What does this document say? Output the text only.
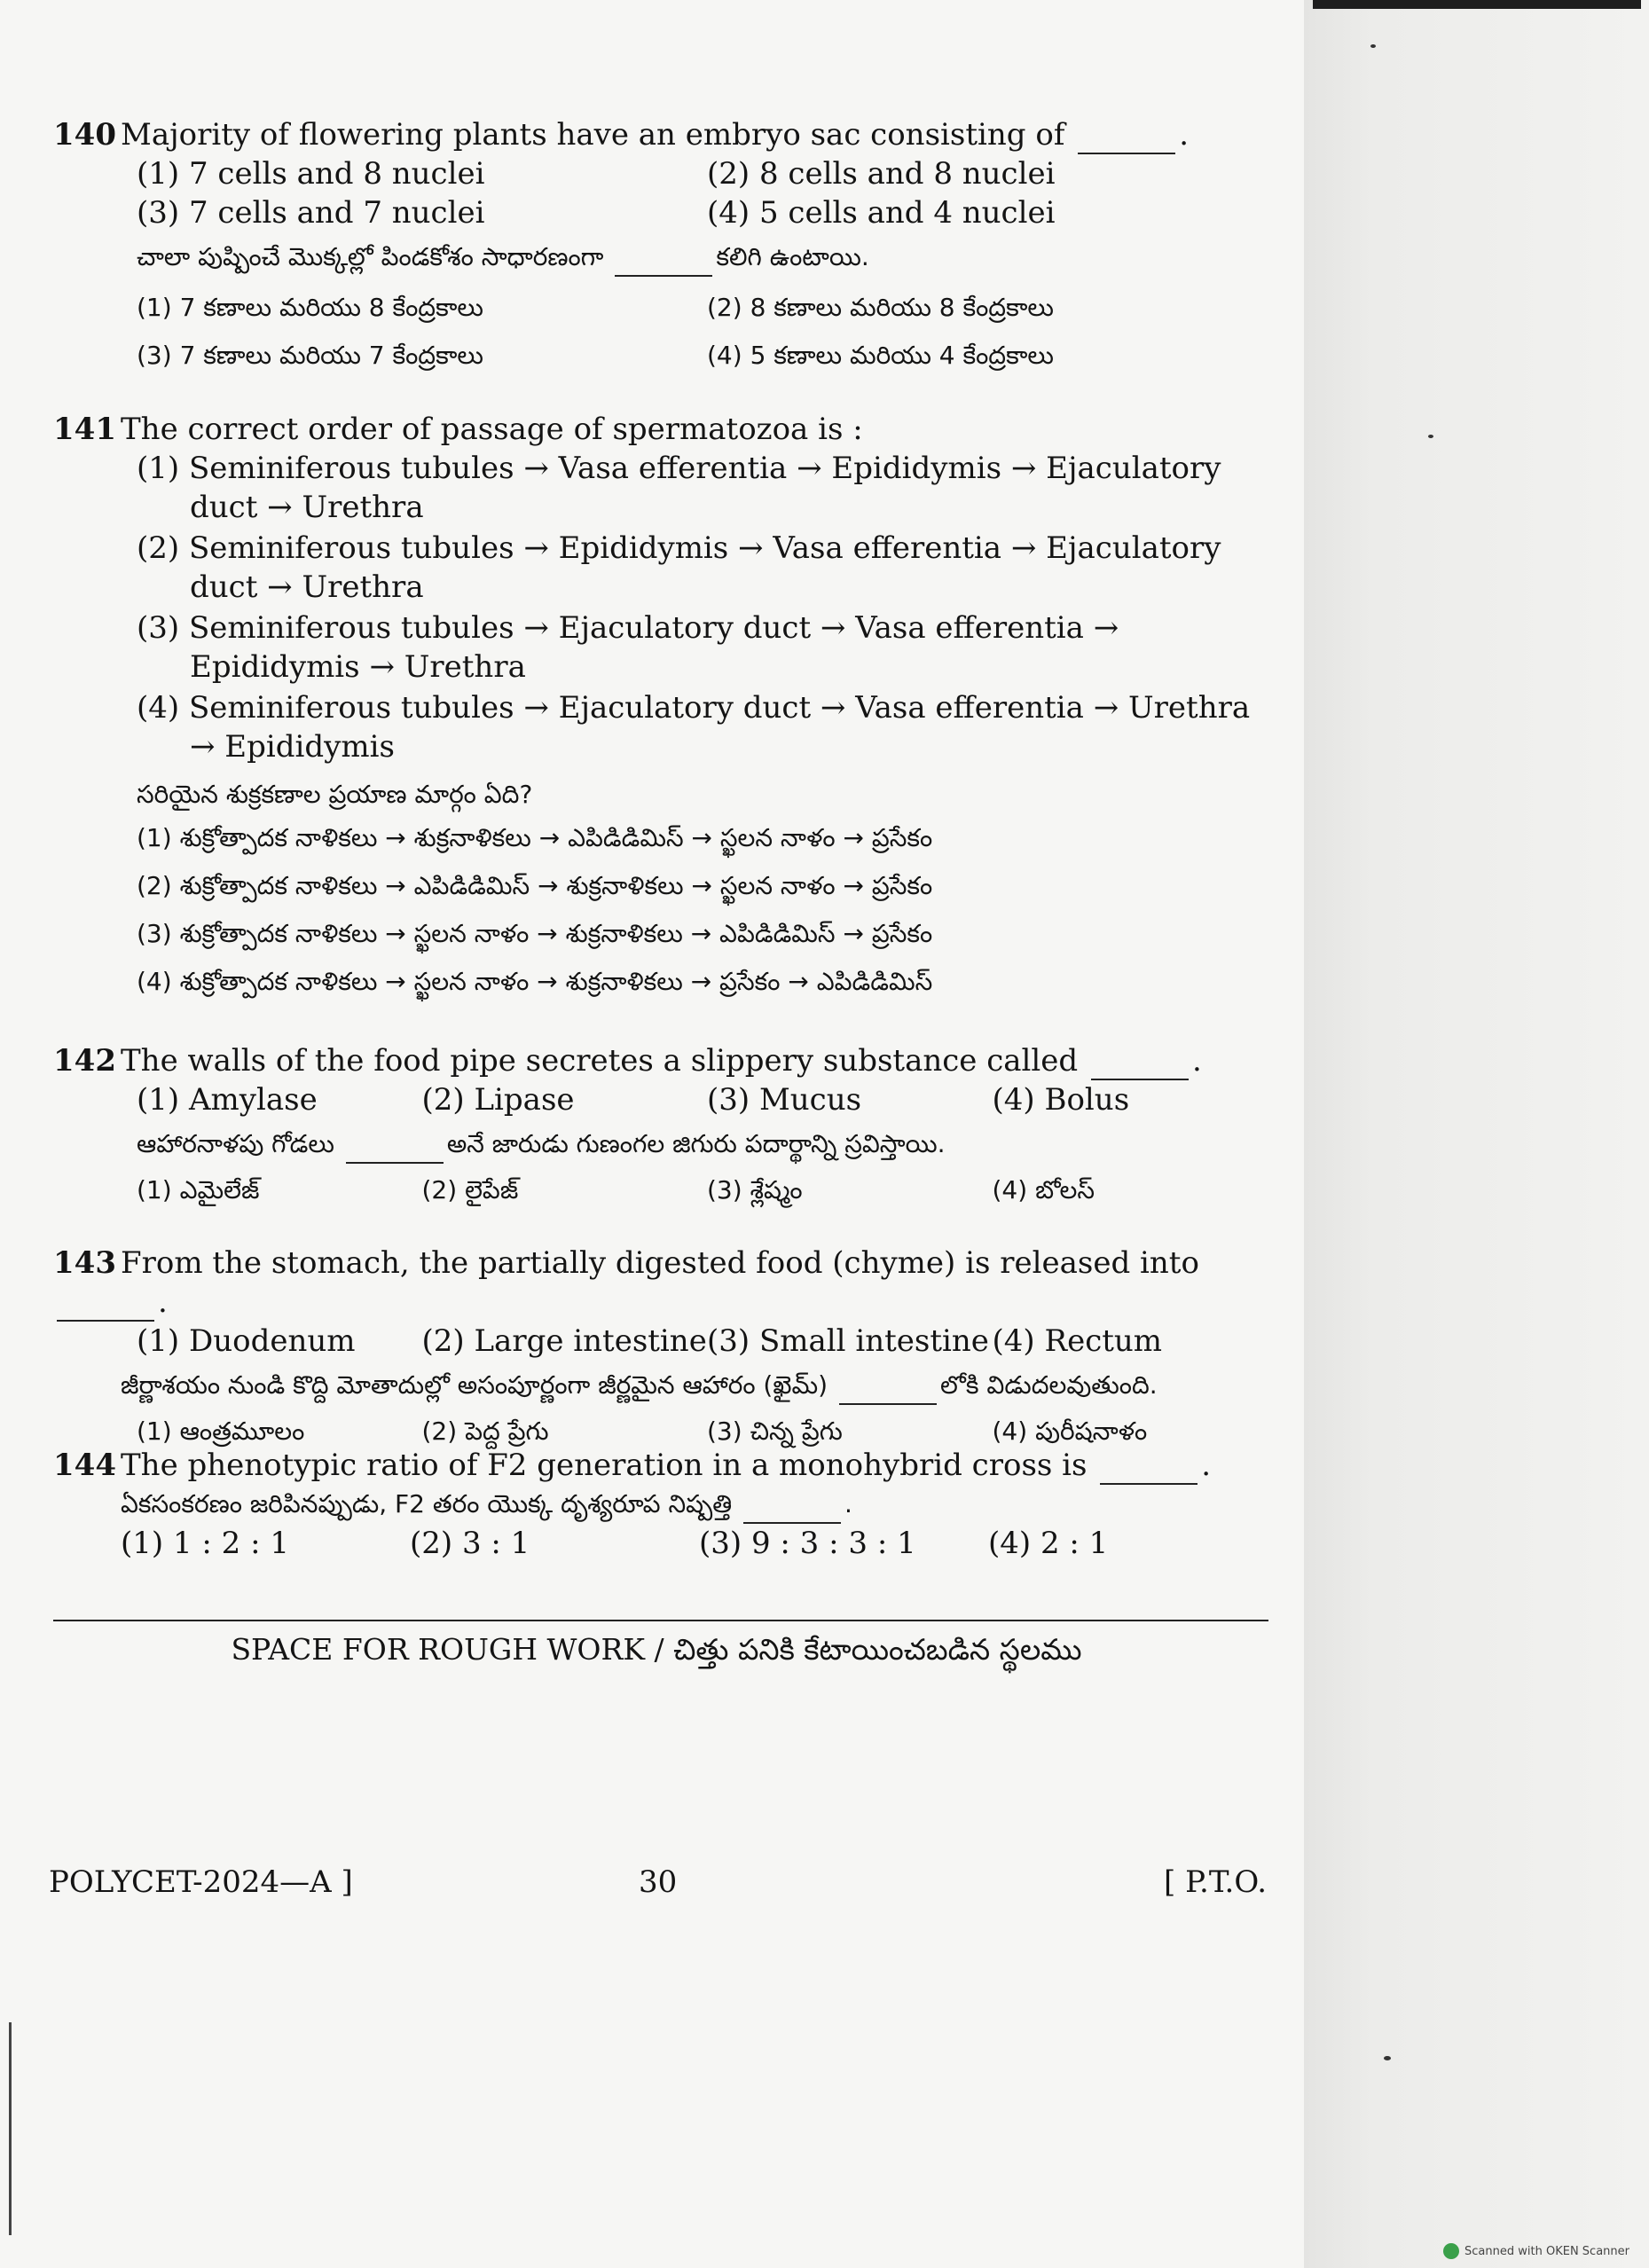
140 Majority of flowering plants have an embryo sac consisting of	.
(1) 7 cells and 8 nuclei	(2) 8 cells and 8 nuclei
(3) 7 cells and 7 nuclei	(4) 5 cells and 4 nuclei
చాలా పుష్పించే మొక్కల్లో పిండకోశం సాధారణంగా	కలిగి ఉంటాయి.
(1) 7 కణాలు మరియు 8 కేంద్రకాలు	(2) 8 కణాలు మరియు 8 కేంద్రకాలు
(3) 7 కణాలు మరియు 7 కేంద్రకాలు	(4) 5 కణాలు మరియు 4 కేంద్రకాలు
141 The correct order of passage of spermatozoa is :
(1) Seminiferous tubules → Vasa efferentia → Epididymis → Ejaculatory duct → Urethra
(2) Seminiferous tubules → Epididymis → Vasa efferentia → Ejaculatory duct → Urethra
(3) Seminiferous tubules → Ejaculatory duct → Vasa efferentia → Epididymis → Urethra
(4) Seminiferous tubules → Ejaculatory duct → Vasa efferentia → Urethra → Epididymis
సరియైన శుక్రకణాల ప్రయాణ మార్గం ఏది?
(1) శుక్రోత్పాదక నాళికలు → శుక్రనాళికలు → ఎపిడిడిమిస్ → స్ఖలన నాళం → ప్రసేకం
(2) శుక్రోత్పాదక నాళికలు → ఎపిడిడిమిస్ → శుక్రనాళికలు → స్ఖలన నాళం → ప్రసేకం
(3) శుక్రోత్పాదక నాళికలు → స్ఖలన నాళం → శుక్రనాళికలు → ఎపిడిడిమిస్ → ప్రసేకం
(4) శుక్రోత్పాదక నాళికలు → స్ఖలన నాళం → శుక్రనాళికలు → ప్రసేకం → ఎపిడిడిమిస్
142 The walls of the food pipe secretes a slippery substance called	.
(1) Amylase	(2) Lipase	(3) Mucus	(4) Bolus
ఆహారనాళపు గోడలు	అనే జారుడు గుణంగల జిగురు పదార్థాన్ని స్రవిస్తాయి.
(1) ఎమైలేజ్	(2) లైపేజ్	(3) శ్లేష్మం	(4) బోలస్
143 From the stomach, the partially digested food (chyme) is released into .
(1) Duodenum	(2) Large intestine (3) Small intestine (4) Rectum
జీర్ణాశయం నుండి కొద్ది మోతాదుల్లో అసంపూర్ణంగా జీర్ణమైన ఆహారం (ఖైమ్)	లోకి విడుదలవుతుంది.
(1) ఆంత్రమూలం	(2) పెద్ద ప్రేగు	(3) చిన్న ప్రేగు	(4) పురీషనాళం
144 The phenotypic ratio of F2 generation in a monohybrid cross is	.
ఏకసంకరణం జరిపినప్పుడు, F2 తరం యొక్క దృశ్యరూప నిష్పత్తి	.
(1) 1 : 2 : 1	(2) 3 : 1	(3) 9 : 3 : 3 : 1	(4) 2 : 1
SPACE FOR ROUGH WORK / చిత్తు పనికి కేటాయించబడిన స్థలము
POLYCET-2024—A ]	30	[ P.T.O.
Scanned with OKEN Scanner
